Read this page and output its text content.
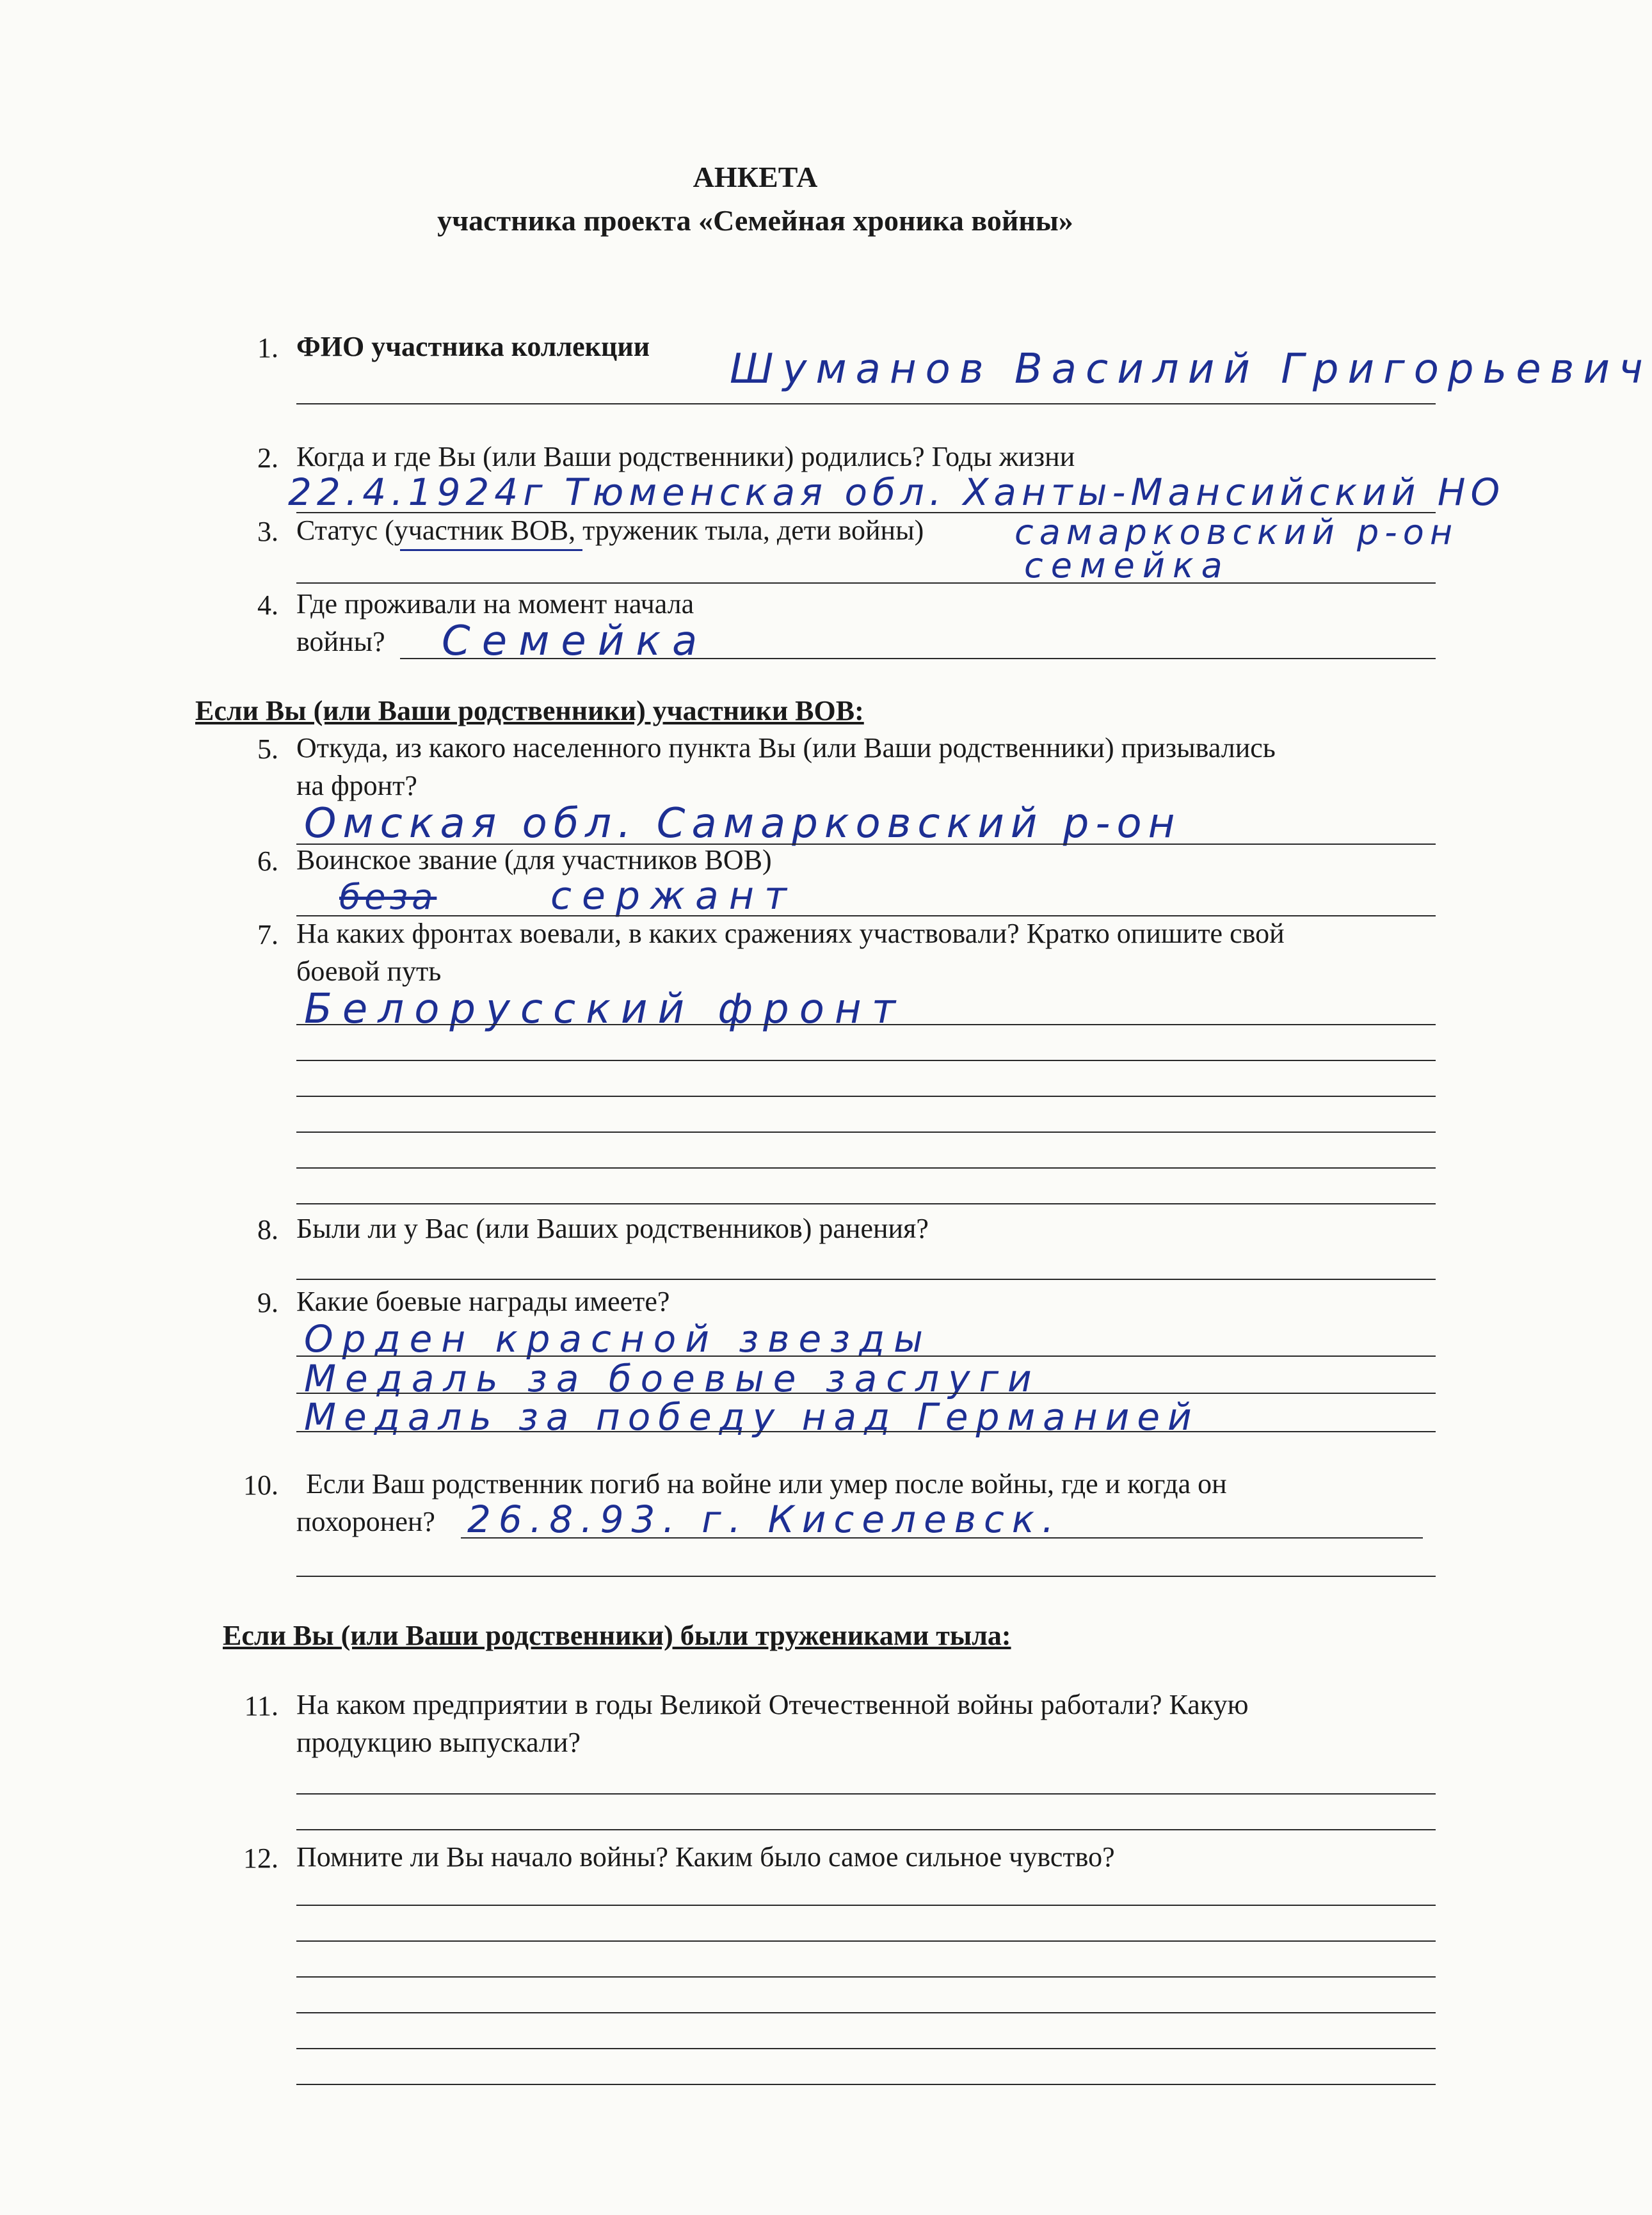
АНКЕТА
участника проекта «Семейная хроника войны»
1. ФИО участника коллекции Шуманов Василий Григорьевич
2. Когда и где Вы (или Ваши родственники) родились? Годы жизни
22.4.1924г Тюменская обл. Ханты-Мансийский НО
3. Статус (участник ВОВ, труженик тыла, дети войны)	самарковский р-он
семейка
4. Где проживали на момент начала
войны? Семейка
Если Вы (или Ваши родственники) участники ВОВ:
5. Откуда, из какого населенного пункта Вы (или Ваши родственники) призывались
на фронт?
Омская обл. Самарковский р-он
6. Воинское звание (для участников ВОВ)
беза	сержант
7. На каких фронтах воевали, в каких сражениях участвовали? Кратко опишите свой
боевой путь
Белорусский фронт
8. Были ли у Вас (или Ваших родственников) ранения?
9. Какие боевые награды имеете?
Орден красной звезды
Медаль за боевые заслуги
Медаль за победу над Германией
10. Если Ваш родственник погиб на войне или умер после войны, где и когда он
похоронен? 26.8.93. г. Киселевск.
Если Вы (или Ваши родственники) были тружениками тыла:
11. На каком предприятии в годы Великой Отечественной войны работали? Какую
продукцию выпускали?
12. Помните ли Вы начало войны? Каким было самое сильное чувство?
